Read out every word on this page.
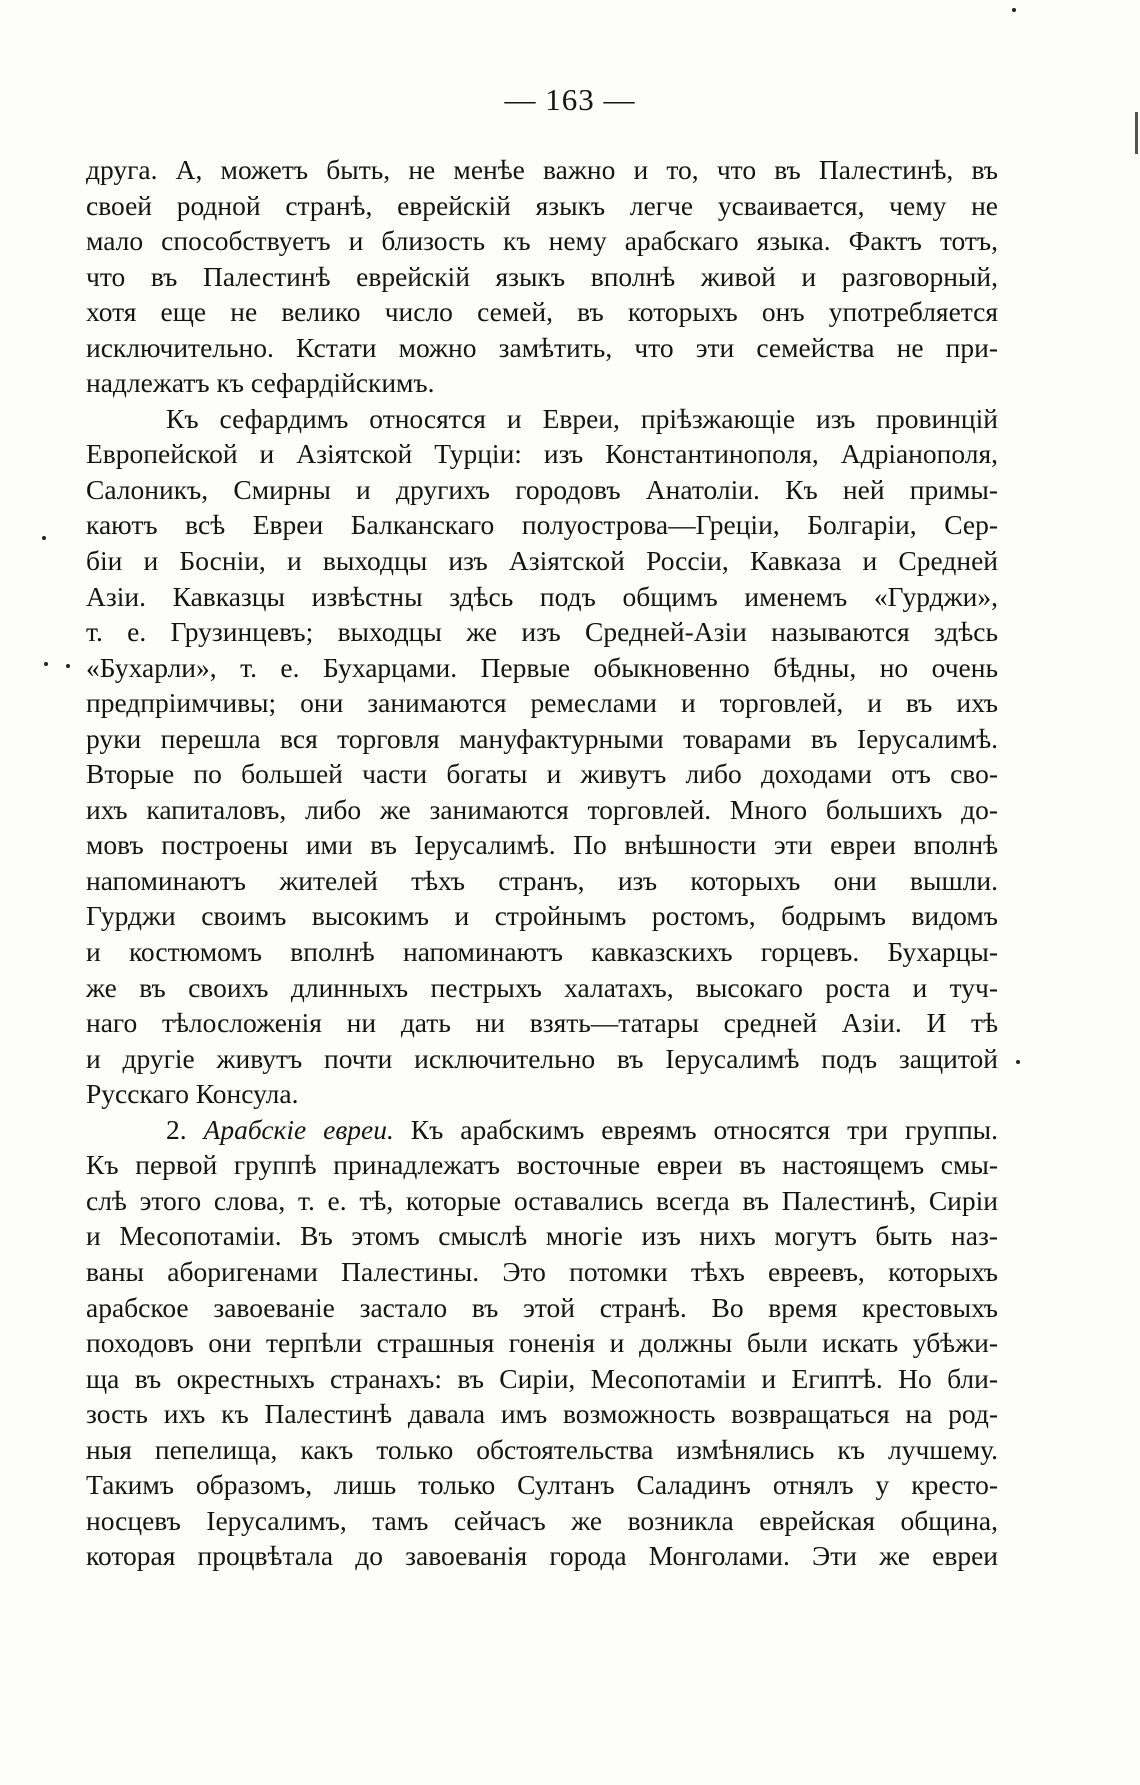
— 163 —
друга. А, можетъ быть, не менѣе важно и то, что въ Палестинѣ, въ
своей родной странѣ, еврейскій языкъ легче усваивается, чему не
мало способствуетъ и близость къ нему арабскаго языка. Фактъ тотъ,
что въ Палестинѣ еврейскій языкъ вполнѣ живой и разговорный,
хотя еще не велико число семей, въ которыхъ онъ употребляется
исключительно. Кстати можно замѣтить, что эти семейства не при-
надлежатъ къ сефардійскимъ.
Къ сефардимъ относятся и Евреи, пріѣзжающіе изъ провинцій
Европейской и Азіятской Турціи: изъ Константинополя, Адріанополя,
Салоникъ, Смирны и другихъ городовъ Анатоліи. Къ ней примы-
каютъ всѣ Евреи Балканскаго полуострова—Греціи, Болгаріи, Сер-
біи и Босніи, и выходцы изъ Азіятской Россіи, Кавказа и Средней
Азіи. Кавказцы извѣстны здѣсь подъ общимъ именемъ «Гурджи»,
т. е. Грузинцевъ; выходцы же изъ Средней-Азіи называются здѣсь
«Бухарли», т. е. Бухарцами. Первые обыкновенно бѣдны, но очень
предпріимчивы; они занимаются ремеслами и торговлей, и въ ихъ
руки перешла вся торговля мануфактурными товарами въ Іерусалимѣ.
Вторые по большей части богаты и живутъ либо доходами отъ сво-
ихъ капиталовъ, либо же занимаются торговлей. Много большихъ до-
мовъ построены ими въ Іерусалимѣ. По внѣшности эти евреи вполнѣ
напоминаютъ жителей тѣхъ странъ, изъ которыхъ они вышли.
Гурджи своимъ высокимъ и стройнымъ ростомъ, бодрымъ видомъ
и костюмомъ вполнѣ напоминаютъ кавказскихъ горцевъ. Бухарцы-
же въ своихъ длинныхъ пестрыхъ халатахъ, высокаго роста и туч-
наго тѣлосложенія ни дать ни взять—татары средней Азіи. И тѣ
и другіе живутъ почти исключительно въ Іерусалимѣ подъ защитой
Русскаго Консула.
2. Арабскіе евреи. Къ арабскимъ евреямъ относятся три группы.
Къ первой группѣ принадлежатъ восточные евреи въ настоящемъ смы-
слѣ этого слова, т. е. тѣ, которые оставались всегда въ Палестинѣ, Сиріи
и Месопотаміи. Въ этомъ смыслѣ многіе изъ нихъ могутъ быть наз-
ваны аборигенами Палестины. Это потомки тѣхъ евреевъ, которыхъ
арабское завоеваніе застало въ этой странѣ. Во время крестовыхъ
походовъ они терпѣли страшныя гоненія и должны были искать убѣжи-
ща въ окрестныхъ странахъ: въ Сиріи, Месопотаміи и Египтѣ. Но бли-
зость ихъ къ Палестинѣ давала имъ возможность возвращаться на род-
ныя пепелища, какъ только обстоятельства измѣнялись къ лучшему.
Такимъ образомъ, лишь только Султанъ Саладинъ отнялъ у кресто-
носцевъ Іерусалимъ, тамъ сейчасъ же возникла еврейская община,
которая процвѣтала до завоеванія города Монголами. Эти же евреи
